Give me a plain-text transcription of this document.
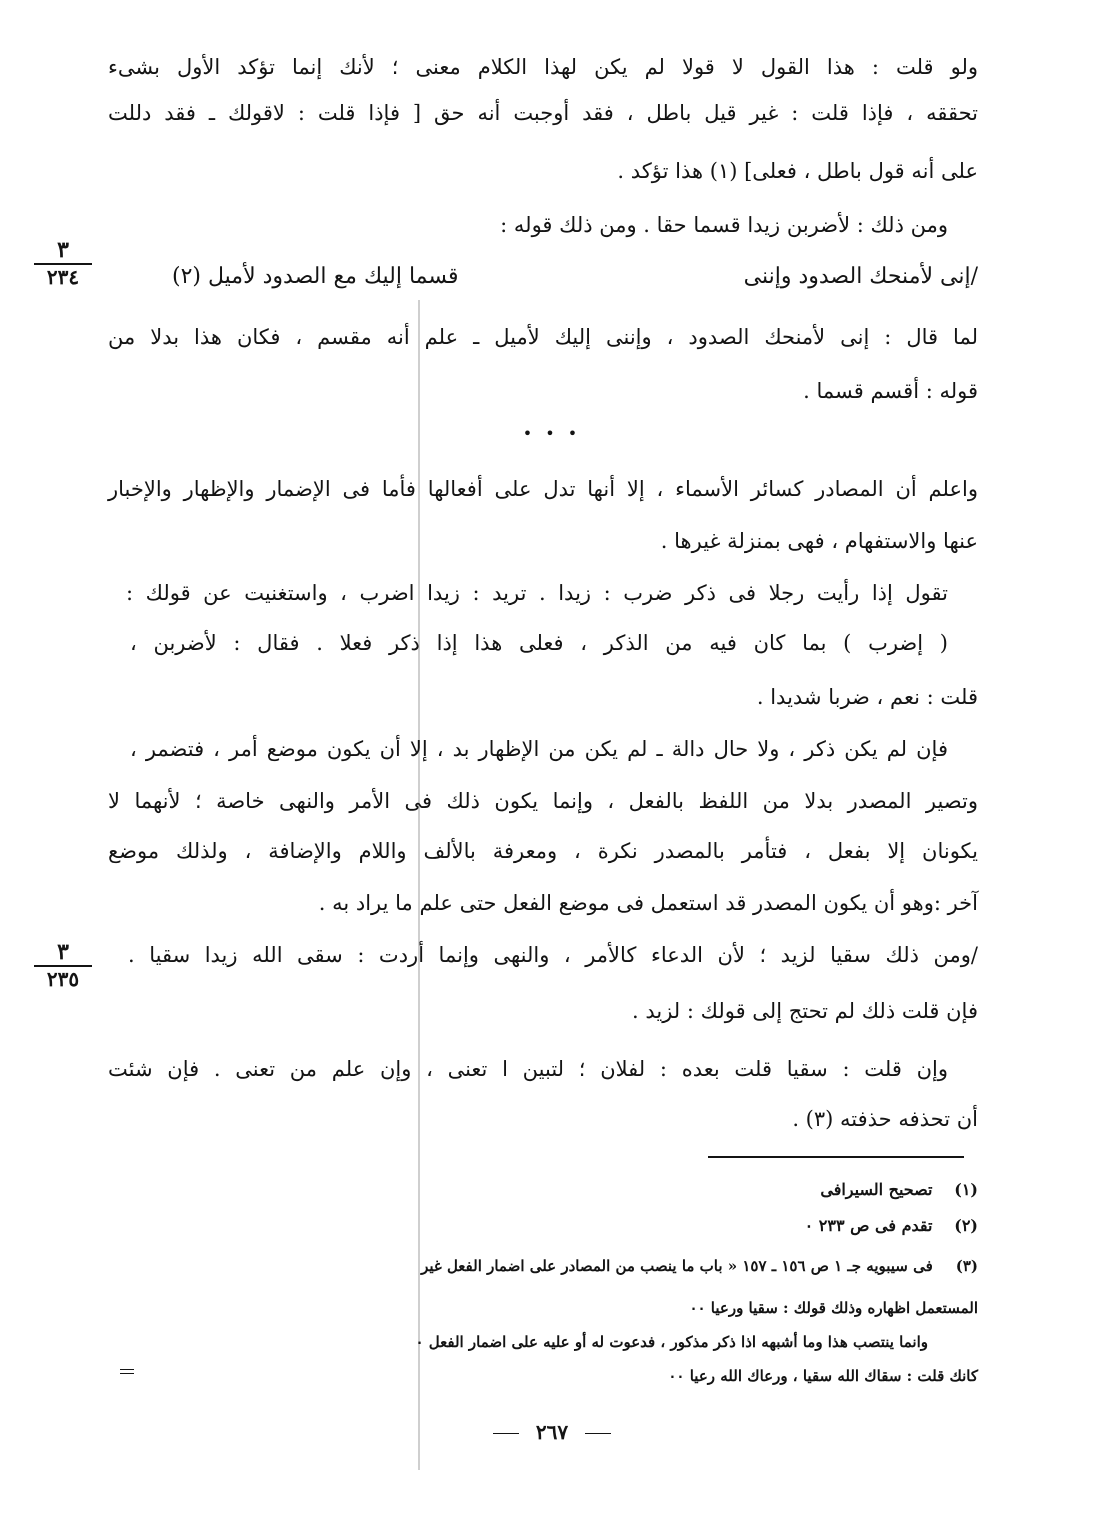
ولو قلت : هذا القول لا قولا لم يكن لهذا الكلام معنى ؛ لأنك إنما تؤكد الأول بشىء
تحققه ، فإذا قلت : غير قيل باطل ، فقد أوجبت أنه حق [ فإذا قلت : لاقولك ـ فقد دللت
على أنه قول باطل ، فعلى] (١) هذا تؤكد .
ومن ذلك : لأضربن زيدا قسما حقا . ومن ذلك قوله :
٣
٢٣٤	/إنى لأمنحك الصدود وإننى
قسما إليك مع الصدود لأميل (٢)
لما قال : إنى لأمنحك الصدود ، وإننى إليك لأميل ـ علم أنه مقسم ، فكان هذا بدلا من
قوله : أقسم قسما .
• • •
واعلم أن المصادر كسائر الأسماء ، إلا أنها تدل على أفعالها فأما فى الإضمار والإظهار والإخبار
عنها والاستفهام ، فهى بمنزلة غيرها .
تقول إذا رأيت رجلا فى ذكر ضرب : زيدا . تريد : زيدا اضرب ، واستغنيت عن قولك :
( إضرب ) بما كان فيه من الذكر ، فعلى هذا إذا ذكر فعلا . فقال : لأضربن ،
قلت : نعم ، ضربا شديدا .
فإن لم يكن ذكر ، ولا حال دالة ـ لم يكن من الإظهار بد ، إلا أن يكون موضع أمر ، فتضمر ،
وتصير المصدر بدلا من اللفظ بالفعل ، وإنما يكون ذلك فى الأمر والنهى خاصة ؛ لأنهما لا
يكونان إلا بفعل ، فتأمر بالمصدر نكرة ، ومعرفة بالألف واللام والإضافة ، ولذلك موضع
آخر :وهو أن يكون المصدر قد استعمل فى موضع الفعل حتى علم ما يراد به .
٣
٢٣٥
/ومن ذلك سقيا لزيد ؛ لأن الدعاء كالأمر ، والنهى وإنما أردت : سقى الله زيدا سقيا .
فإن قلت ذلك لم تحتج إلى قولك : لزيد .
وإن قلت : سقيا قلت بعده : لفلان ؛ لتبين ا تعنى ، وإن علم من تعنى . فإن شئت
أن تحذفه حذفته (٣) .
(١) تصحيح السيرافى
(٢) تقدم فى ص ٢٣٣ ٠
(٣) فى سيبويه جـ ١ ص ١٥٦ ـ ١٥٧ « باب ما ينصب من المصادر على اضمار الفعل غير
المستعمل اظهاره وذلك قولك : سقيا ورعيا ٠٠
وانما ينتصب هذا وما أشبهه اذا ذكر مذكور ، فدعوت له أو عليه على اضمار الفعل ٠
كانك قلت : سقاك الله سقيا ، ورعاك الله رعيا ٠٠
٢٦٧
